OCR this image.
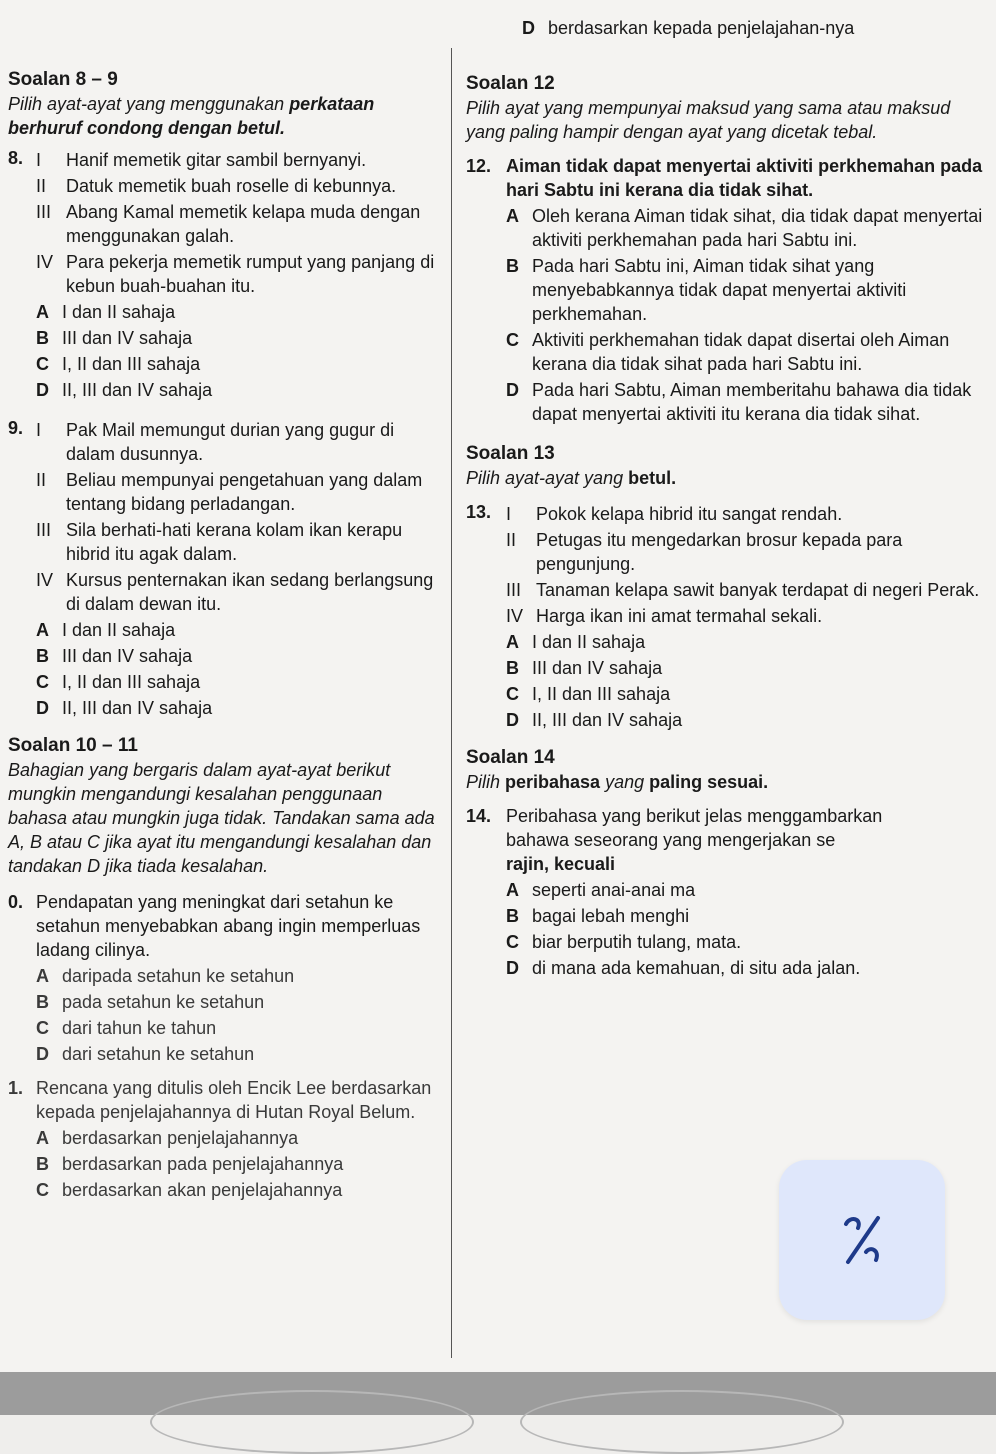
Soalan 8 – 9
Pilih ayat-ayat yang menggunakan perkataan berhuruf condong dengan betul.
8. I	Hanif memetik gitar sambil bernyanyi.
II	Datuk memetik buah roselle di kebunnya.
III Abang Kamal memetik kelapa muda dengan menggunakan galah.
IV Para pekerja memetik rumput yang panjang di kebun buah-buahan itu.
A I dan II sahaja
B III dan IV sahaja
C I, II dan III sahaja
D II, III dan IV sahaja
9. I	Pak Mail memungut durian yang gugur di dalam dusunnya.
II	Beliau mempunyai pengetahuan yang dalam tentang bidang perladangan.
III Sila berhati-hati kerana kolam ikan kerapu hibrid itu agak dalam.
IV Kursus penternakan ikan sedang berlangsung di dalam dewan itu.
A I dan II sahaja
B III dan IV sahaja
C I, II dan III sahaja
D II, III dan IV sahaja
Soalan 10 – 11
Bahagian yang bergaris dalam ayat-ayat berikut mungkin mengandungi kesalahan penggunaan bahasa atau mungkin juga tidak. Tandakan sama ada A, B atau C jika ayat itu mengandungi kesalahan dan tandakan D jika tiada kesalahan.
0. Pendapatan yang meningkat dari setahun ke setahun menyebabkan abang ingin memperluas ladang cilinya.
A daripada setahun ke setahun
B pada setahun ke setahun
C dari tahun ke tahun
D dari setahun ke setahun
1. Rencana yang ditulis oleh Encik Lee berdasarkan kepada penjelajahannya di Hutan Royal Belum.
A berdasarkan penjelajahannya
B berdasarkan pada penjelajahannya
C berdasarkan akan penjelajahannya
D berdasarkan kepada penjelajahan-nya
Soalan 12
Pilih ayat yang mempunyai maksud yang sama atau maksud yang paling hampir dengan ayat yang dicetak tebal.
12. Aiman tidak dapat menyertai aktiviti perkhemahan pada hari Sabtu ini kerana dia tidak sihat.
A Oleh kerana Aiman tidak sihat, dia tidak dapat menyertai aktiviti perkhemahan pada hari Sabtu ini.
B Pada hari Sabtu ini, Aiman tidak sihat yang menyebabkannya tidak dapat menyertai aktiviti perkhemahan.
C Aktiviti perkhemahan tidak dapat disertai oleh Aiman kerana dia tidak sihat pada hari Sabtu ini.
D Pada hari Sabtu, Aiman memberitahu bahawa dia tidak dapat menyertai aktiviti itu kerana dia tidak sihat.
Soalan 13
Pilih ayat-ayat yang betul.
13. I	Pokok kelapa hibrid itu sangat rendah.
II	Petugas itu mengedarkan brosur kepada para pengunjung.
III Tanaman kelapa sawit banyak terdapat di negeri Perak.
IV Harga ikan ini amat termahal sekali.
A I dan II sahaja
B III dan IV sahaja
C I, II dan III sahaja
D II, III dan IV sahaja
Soalan 14
Pilih peribahasa yang paling sesuai.
14. Peribahasa yang berikut jelas menggambarkan bahawa seseorang yang mengerjakan se
rajin, kecuali
A seperti anai-anai ma
B bagai lebah menghi
C biar berputih tulang, mata.
D di mana ada kemahuan, di situ ada jalan.
